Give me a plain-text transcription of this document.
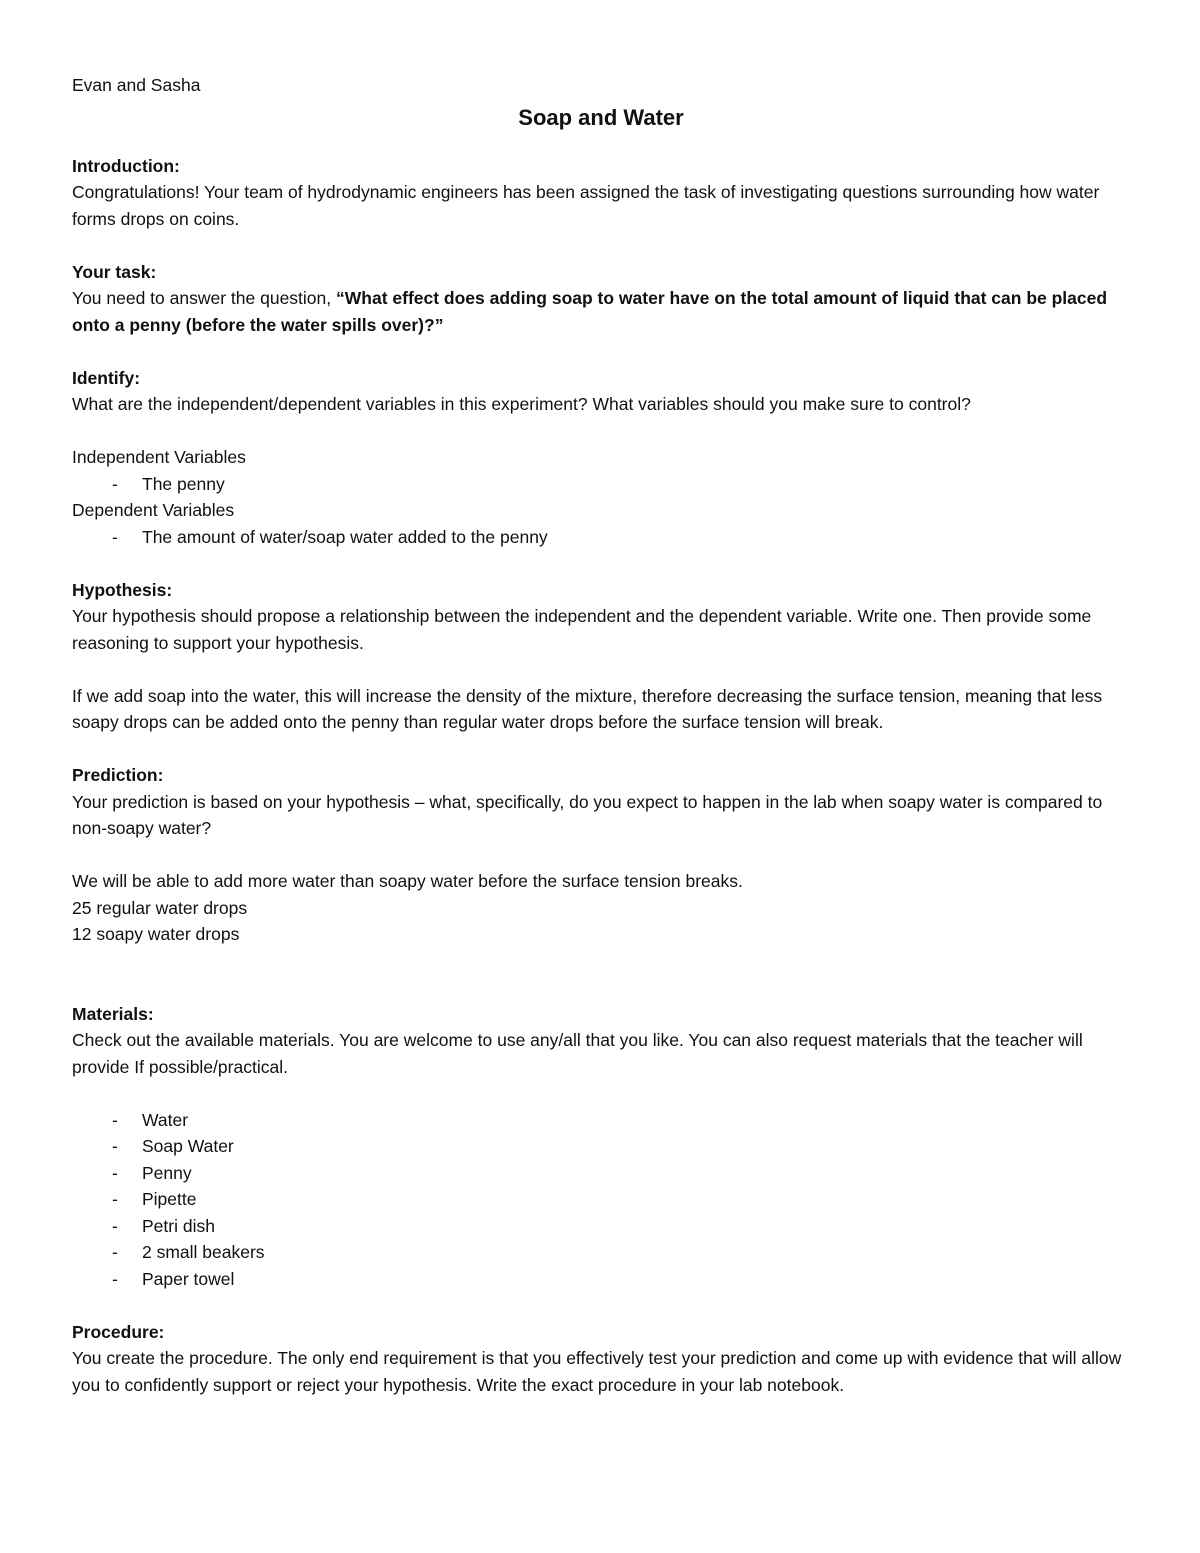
Evan and Sasha

Soap and Water

Introduction:

Congratulations! Your team of hydrodynamic engineers has been assigned the task of investigating questions surrounding how water forms drops on coins.

Your task:

You need to answer the question, “What effect does adding soap to water have on the total amount of liquid that can be placed onto a penny (before the water spills over)?”

Identify:

What are the independent/dependent variables in this experiment? What variables should you make sure to control?

Independent Variables

- The penny

Dependent Variables

- The amount of water/soap water added to the penny

Hypothesis:

Your hypothesis should propose a relationship between the independent and the dependent variable. Write one. Then provide some reasoning to support your hypothesis.

If we add soap into the water, this will increase the density of the mixture, therefore decreasing the surface tension, meaning that less soapy drops can be added onto the penny than regular water drops before the surface tension will break.

Prediction:

Your prediction is based on your hypothesis – what, specifically, do you expect to happen in the lab when soapy water is compared to non-soapy water?

We will be able to add more water than soapy water before the surface tension breaks.

25 regular water drops

12 soapy water drops

Materials:

Check out the available materials. You are welcome to use any/all that you like. You can also request materials that the teacher will provide If possible/practical.

- Water
- Soap Water
- Penny
- Pipette
- Petri dish
- 2 small beakers
- Paper towel

Procedure:

You create the procedure. The only end requirement is that you effectively test your prediction and come up with evidence that will allow you to confidently support or reject your hypothesis. Write the exact procedure in your lab notebook.
